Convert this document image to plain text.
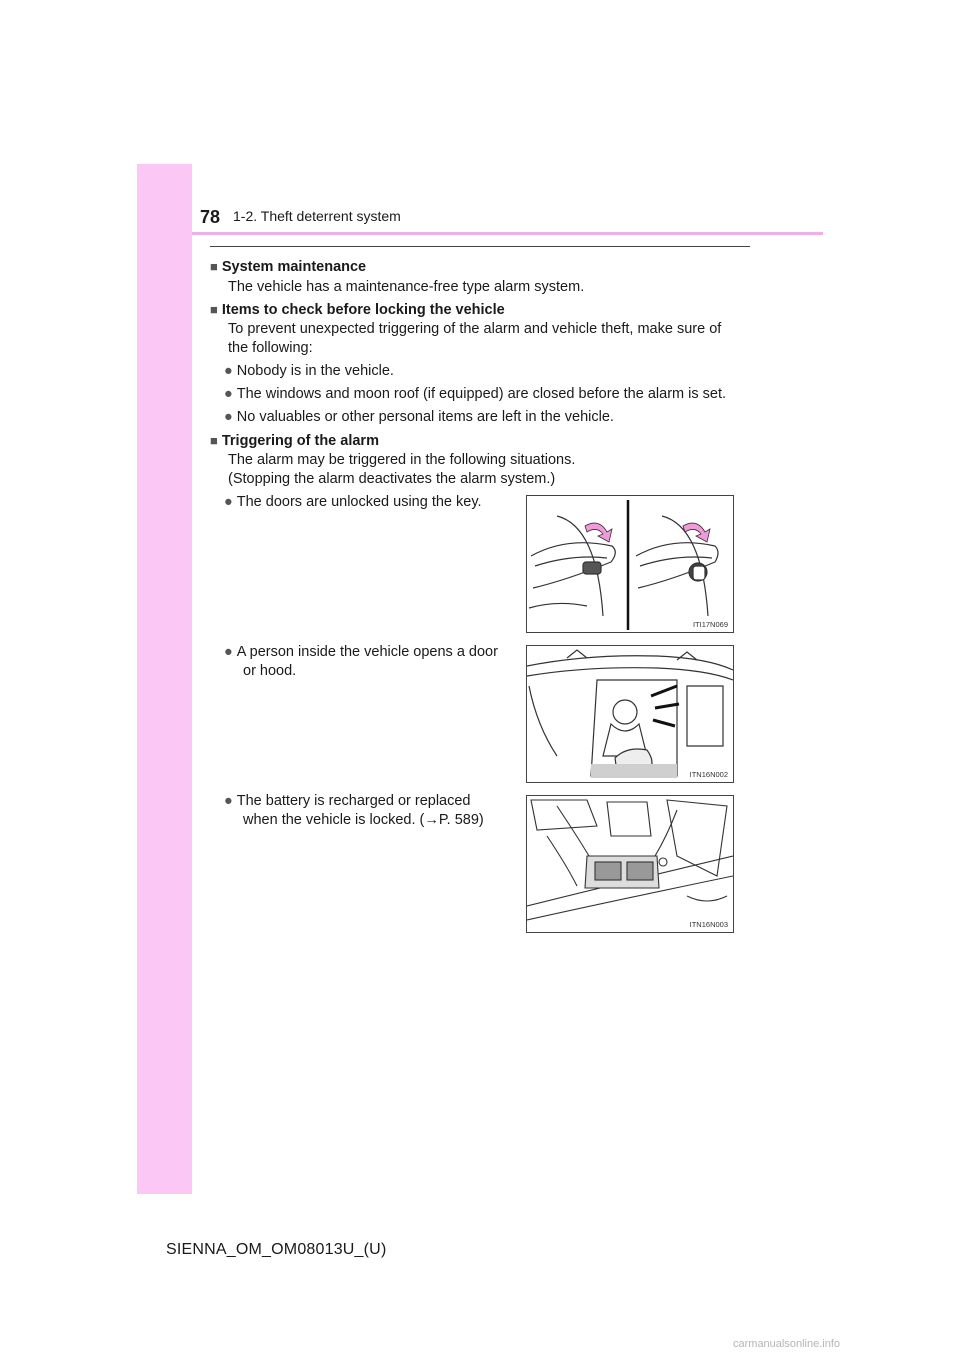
78 1-2. Theft deterrent system
■ System maintenance
The vehicle has a maintenance-free type alarm system.
■ Items to check before locking the vehicle
To prevent unexpected triggering of the alarm and vehicle theft, make sure of
the following:
● Nobody is in the vehicle.
● The windows and moon roof (if equipped) are closed before the alarm is set.
● No valuables or other personal items are left in the vehicle.
■ Triggering of the alarm
The alarm may be triggered in the following situations.
(Stopping the alarm deactivates the alarm system.)
● The doors are unlocked using the key.
ITI17N069
● A person inside the vehicle opens a door
or hood.
ITN16N002
● The battery is recharged or replaced
when the vehicle is locked. (→P. 589)
ITN16N003
SIENNA_OM_OM08013U_(U)
carmanualsonline.info
